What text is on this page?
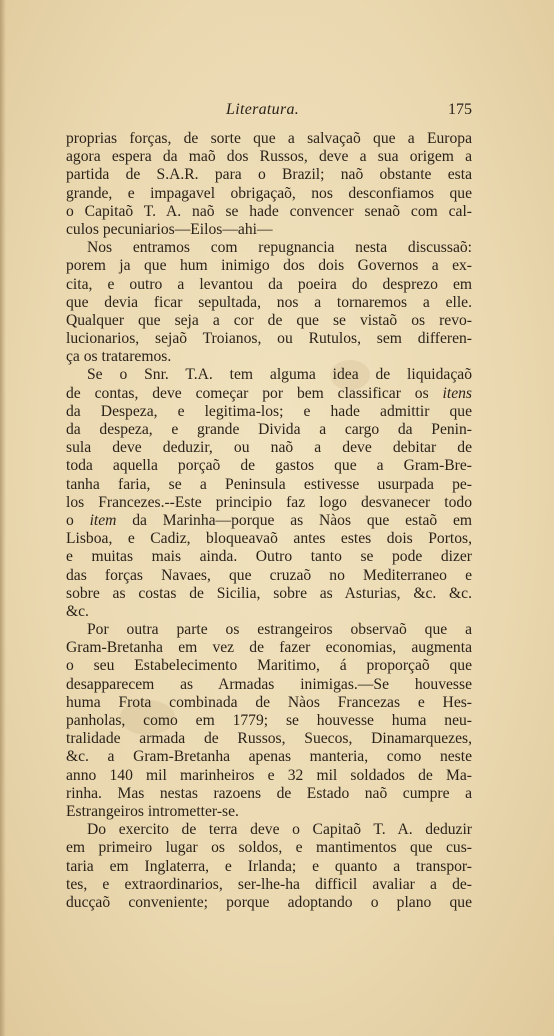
Literatura.	175
proprias forças, de sorte que a salvaçaõ que a Europa
agora espera da maõ dos Russos, deve a sua origem a
partida de S.A.R. para o Brazil; naõ obstante esta
grande, e impagavel obrigaçaõ, nos desconfiamos que
o Capitaõ T. A. naõ se hade convencer senaõ com cal-
culos pecuniarios—Eilos—ahi—
Nos entramos com repugnancia nesta discussaõ:
porem ja que hum inimigo dos dois Governos a ex-
cita, e outro a levantou da poeira do desprezo em
que devia ficar sepultada, nos a tornaremos a elle.
Qualquer que seja a cor de que se vistaõ os revo-
lucionarios, sejaõ Troianos, ou Rutulos, sem differen-
ça os trataremos.
Se o Snr. T.A. tem alguma idea de liquidaçaõ
de contas, deve começar por bem classificar os itens
da Despeza, e legitima-los; e hade admittir que
da despeza, e grande Divida a cargo da Penin-
sula deve deduzir, ou naõ a deve debitar de
toda aquella porçaõ de gastos que a Gram-Bre-
tanha faria, se a Peninsula estivesse usurpada pe-
los Francezes.--Este principio faz logo desvanecer todo
o item da Marinha—porque as Nàos que estaõ em
Lisboa, e Cadiz, bloqueavaõ antes estes dois Portos,
e muitas mais ainda. Outro tanto se pode dizer
das forças Navaes, que cruzaõ no Mediterraneo e
sobre as costas de Sicilia, sobre as Asturias, &c. &c.
&c.
Por outra parte os estrangeiros observaõ que a
Gram-Bretanha em vez de fazer economias, augmenta
o seu Estabelecimento Maritimo, á proporçaõ que
desapparecem as Armadas inimigas.—Se houvesse
huma Frota combinada de Nàos Francezas e Hes-
panholas, como em 1779; se houvesse huma neu-
tralidade armada de Russos, Suecos, Dinamarquezes,
&c. a Gram-Bretanha apenas manteria, como neste
anno 140 mil marinheiros e 32 mil soldados de Ma-
rinha. Mas nestas razoens de Estado naõ cumpre a
Estrangeiros intrometter-se.
Do exercito de terra deve o Capitaõ T. A. deduzir
em primeiro lugar os soldos, e mantimentos que cus-
taria em Inglaterra, e Irlanda; e quanto a transpor-
tes, e extraordinarios, ser-lhe-ha difficil avaliar a de-
ducçaõ conveniente; porque adoptando o plano que
